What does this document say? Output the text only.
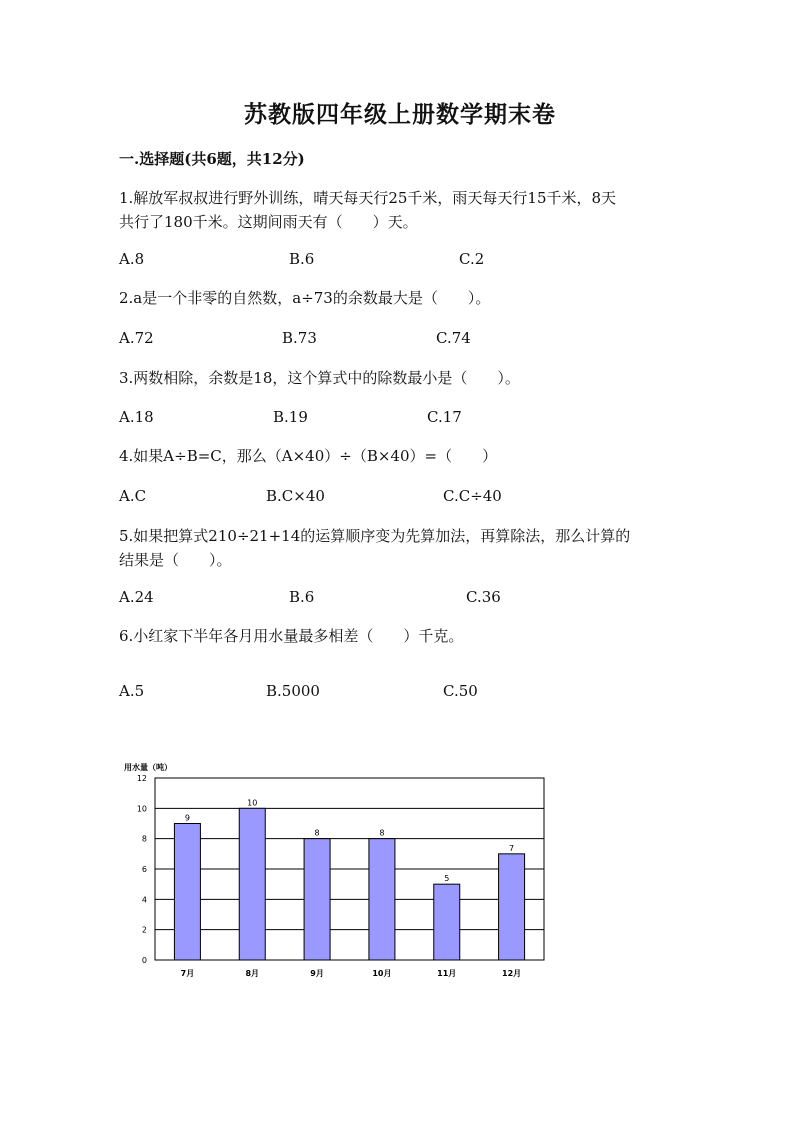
苏教版四年级上册数学期末卷
一.选择题(共6题，共12分)
1.解放军叔叔进行野外训练，晴天每天行25千米，雨天每天行15千米，8天
共行了180千米。这期间雨天有（　　）天。
A.8	B.6	C.2
2.a是一个非零的自然数，a÷73的余数最大是（　　）。
A.72	B.73	C.74
3.两数相除，余数是18，这个算式中的除数最小是（　　）。
A.18	B.19	C.17
4.如果A÷B=C，那么（A×40）÷（B×40）=（　　）
A.C	B.C×40	C.C÷40
5.如果把算式210÷21+14的运算顺序变为先算加法，再算除法，那么计算的
结果是（　　）。
A.24	B.6	C.36
6.小红家下半年各月用水量最多相差（　　）千克。
A.5	B.5000	C.50
用水量（吨）
0
2
4
6
8
10
12
9
7月
10
8月
8
9月
8
10月
5
11月
7
12月
